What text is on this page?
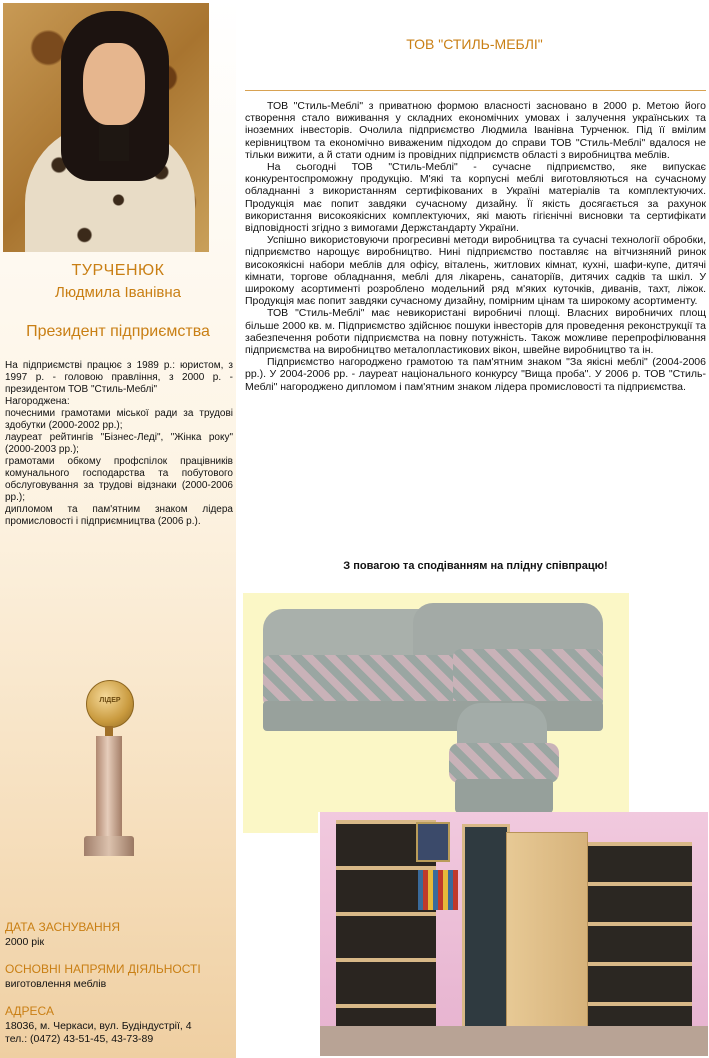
ТУРЧЕНЮК
Людмила Іванівна
Президент підприємства

На підприємстві працює з 1989 р.: юристом, з 1997 р. - головою правління, з 2000 р. - президентом ТОВ "Стиль-Меблі"

Нагороджена:

почесними грамотами міської ради за трудові здобутки (2000-2002 рр.);

лауреат рейтингів "Бізнес-Леді", "Жінка року" (2000-2003 рр.);

грамотами обкому профспілок працівників комунального господарства та побутового обслуговування за трудові відзнаки (2000-2006 рр.);

дипломом та пам'ятним знаком лідера промисловості і підприємництва (2006 р.).

ЛІДЕР
ДАТА ЗАСНУВАННЯ
2000 рік
ОСНОВНІ НАПРЯМИ ДІЯЛЬНОСТІ
виготовлення меблів
АДРЕСА
18036, м. Черкаси, вул. Будіндустрії, 4
тел.: (0472) 43-51-45, 43-73-89
ТОВ "СТИЛЬ-МЕБЛІ"

ТОВ "Стиль-Меблі" з приватною формою власності засновано в 2000 р. Метою його створення стало виживання у складних економічних умовах і залучення українських та іноземних інвесторів. Очолила підприємство Людмила Іванівна Турченюк. Під її вмілим керівництвом та економічно виваженим підходом до справи ТОВ "Стиль-Меблі" вдалося не тільки вижити, а й стати одним із провідних підприємств області з виробництва меблів.

На сьогодні ТОВ "Стиль-Меблі" - сучасне підприємство, яке випускає конкурентоспроможну продукцію. М'які та корпусні меблі виготовляються на сучасному обладнанні з використанням сертифікованих в Україні матеріалів та комплектуючих. Продукція має попит завдяки сучасному дизайну. Її якість досягається за рахунок використання високоякісних комплектуючих, які мають гігієнічні висновки та сертифікати відповідності згідно з вимогами Держстандарту України.

Успішно використовуючи прогресивні методи виробництва та сучасні технології обробки, підприємство нарощує виробництво. Нині підприємство поставляє на вітчизняний ринок високоякісні набори меблів для офісу, віталень, житлових кімнат, кухні, шафи-купе, дитячі кімнати, торгове обладнання, меблі для лікарень, санаторіїв, дитячих садків та шкіл. У широкому асортименті розроблено модельний ряд м'яких куточків, диванів, тахт, ліжок. Продукція має попит завдяки сучасному дизайну, помірним цінам та широкому асортименту.

ТОВ "Стиль-Меблі" має невикористані виробничі площі. Власних виробничих площ більше 2000 кв. м. Підприємство здійснює пошуки інвесторів для проведення реконструкції та забезпечення роботи підприємства на повну потужність. Також можливе перепрофілювання підприємства на виробництво металопластикових вікон, швейне виробництво та ін.

Підприємство нагороджено грамотою та пам'ятним знаком "За якісні меблі" (2004-2006 рр.). У 2004-2006 рр. - лауреат національного конкурсу "Вища проба". У 2006 р. ТОВ "Стиль-Меблі" нагороджено дипломом і пам'ятним знаком лідера промисловості та підприємства.

З повагою та сподіванням на плідну співпрацю!
